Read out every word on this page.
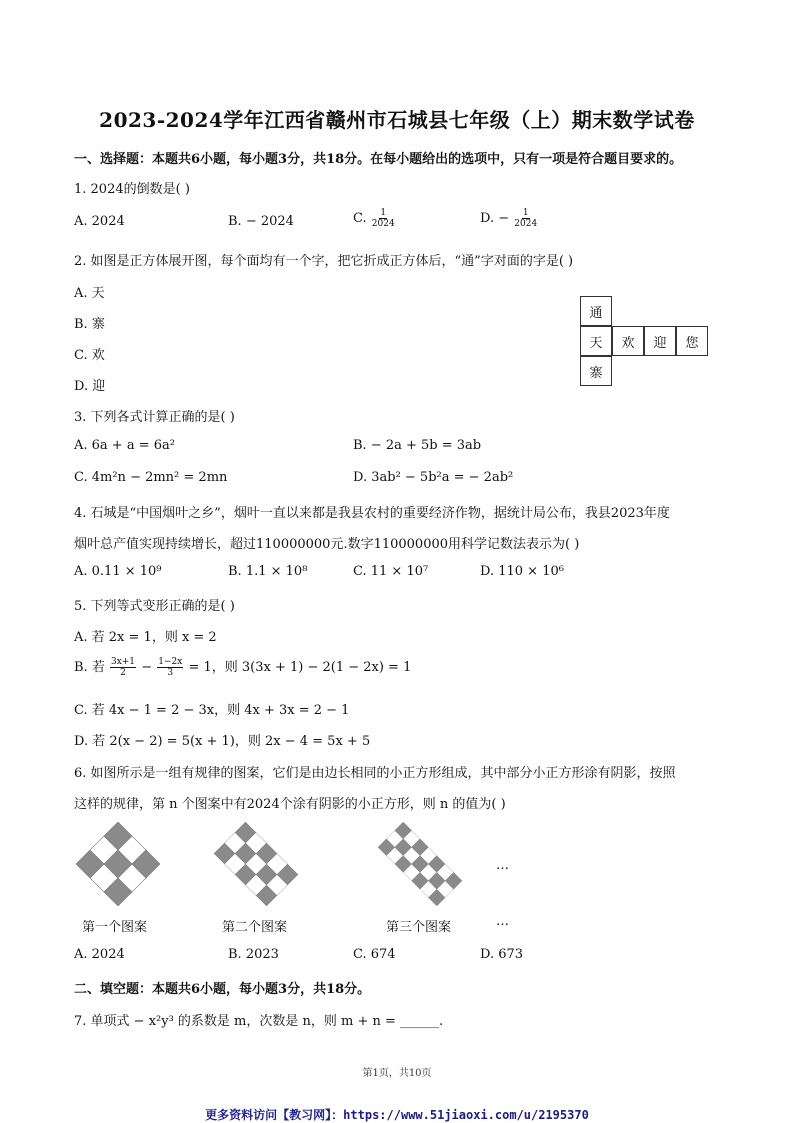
2023-2024学年江西省赣州市石城县七年级（上）期末数学试卷
一、选择题：本题共6小题，每小题3分，共18分。在每小题给出的选项中，只有一项是符合题目要求的。
1. 2024的倒数是( )
A. 2024	B. − 2024	C. $\frac{1}{2024}$	D. − $\frac{1}{2024}$
2. 如图是正方体展开图，每个面均有一个字，把它折成正方体后，“通”字对面的字是( )
A. 天
B. 寨
C. 欢
D. 迎
通
天	欢	迎	您
寨
3. 下列各式计算正确的是( )
A. 6a + a = 6a²	B. − 2a + 5b = 3ab
C. 4m²n − 2mn² = 2mn	D. 3ab² − 5b²a = − 2ab²
4. 石城是“中国烟叶之乡”，烟叶一直以来都是我县农村的重要经济作物，据统计局公布，我县2023年度
烟叶总产值实现持续增长，超过110000000元.数字110000000用科学记数法表示为( )
A. 0.11 × 10⁹	B. 1.1 × 10⁸	C. 11 × 10⁷	D. 110 × 10⁶
5. 下列等式变形正确的是( )
A. 若 2x = 1，则 x = 2
B. 若 $\frac{3x+1}{2} - \frac{1-2x}{3} = 1$，则 3(3x + 1) − 2(1 − 2x) = 1
C. 若 4x − 1 = 2 − 3x，则 4x + 3x = 2 − 1
D. 若 2(x − 2) = 5(x + 1)，则 2x − 4 = 5x + 5
6. 如图所示是一组有规律的图案，它们是由边长相同的小正方形组成，其中部分小正方形涂有阴影，按照
这样的规律，第 n 个图案中有2024个涂有阴影的小正方形，则 n 的值为( )
…
第一个图案	第二个图案	第三个图案	…
A. 2024	B. 2023	C. 674	D. 673
二、填空题：本题共6小题，每小题3分，共18分。
7. 单项式 − x²y³ 的系数是 m，次数是 n，则 m + n = ______.
第1页，共10页
更多资料访问【教习网】：https://www.51jiaoxi.com/u/2195370
